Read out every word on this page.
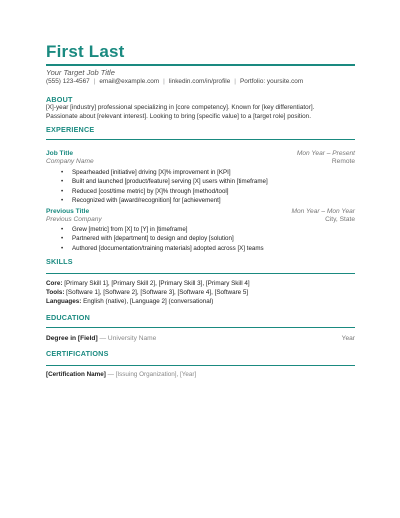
First Last
Your Target Job Title
(555) 123-4567 | email@example.com | linkedin.com/in/profile | Portfolio: yoursite.com
ABOUT
[X]-year [industry] professional specializing in [core competency]. Known for [key differentiator].
Passionate about [relevant interest]. Looking to bring [specific value] to a [target role] position.
EXPERIENCE
Job Title	Mon Year – Present
Company Name	Remote
• Spearheaded [initiative] driving [X]% improvement in [KPI]
• Built and launched [product/feature] serving [X] users within [timeframe]
• Reduced [cost/time metric] by [X]% through [method/tool]
• Recognized with [award/recognition] for [achievement]
Previous Title	Mon Year – Mon Year
Previous Company	City, State
• Grew [metric] from [X] to [Y] in [timeframe]
• Partnered with [department] to design and deploy [solution]
• Authored [documentation/training materials] adopted across [X] teams
SKILLS
Core: [Primary Skill 1], [Primary Skill 2], [Primary Skill 3], [Primary Skill 4]
Tools: [Software 1], [Software 2], [Software 3], [Software 4], [Software 5]
Languages: English (native), [Language 2] (conversational)
EDUCATION
Degree in [Field] — University Name	Year
CERTIFICATIONS
[Certification Name] — [Issuing Organization], [Year]
